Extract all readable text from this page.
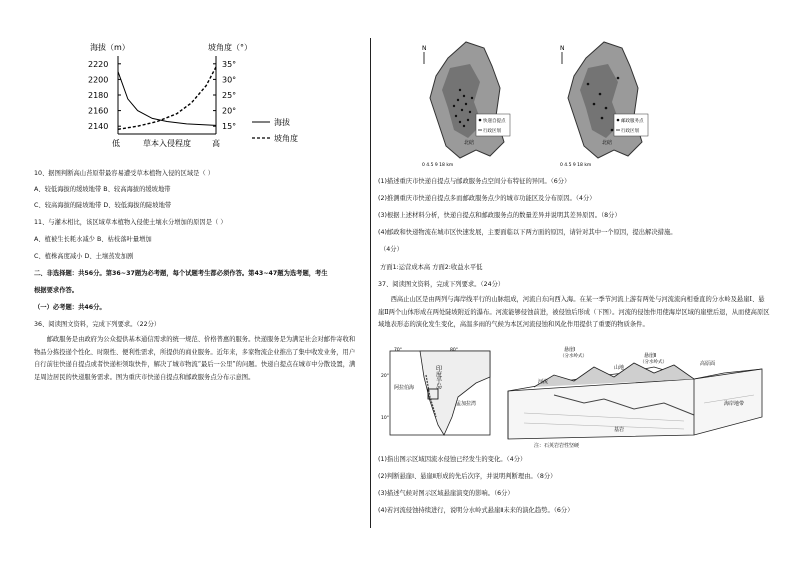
海拔（m）	坡角度（°）
2220
2200
2180
2160
2140
35°
30°
25°
20°
15°
草本入侵程度
低	高
海拔
坡角度
10、据图判断高山苔原带最容易遭受草本植物入侵的区域是（ ）
A、较低海拔的缓坡地带 B、较高海拔的缓坡地带
C、较高海拔的陡坡地带 D、较低海拔的陡坡地带
11、与灌木相比，该区域草本植物入侵使土壤水分增加的原因是（ ）
A、植被生长耗水减少 B、枯枝落叶量增加
C、植株高度减小 D、土壤蒸发加剧
二、非选择题：共56分。第36~37题为必考题，每个试题考生都必须作答。第43~47题为选考题，考生
根据要求作答。
（一）必考题：共46分。
36、阅读图文资料，完成下列要求。（22分）
　　邮政服务是由政府为公众提供基本通信需求的统一规范、价格普惠的服务。快递服务是为满足社会对邮件寄收和物品分拣投递个性化、时限性、便利性需求，所提供的商业服务。近年来，多家物流企业推出了集中收发业务，用户自行前往快递自提点或者快递柜领取快件，解决了城市物流“最后一公里”的问题。快递自提点在城市中分散设置，满足周边居民的快递服务需求。图为重庆市快递自提点和邮政服务点分布示意图。
N
北碚
快递自提点
行政区划
0 4.5 9 18 km
N
北碚
邮政服务点
行政区划
0 4.5 9 18 km
(1)描述重庆市快递自提点与邮政服务点空间分布特征的异同。（6分）
(2)推测重庆市快递自提点多而邮政服务点少的城市功能区及分布原因。（4分）
(3)根据上述材料分析，快递自提点和邮政服务点的数量差异并说明其差异原因。（8分）
(4)邮政和快递物流在城市区快速发展，主要面临以下两方面的原因，请针对其中一个原因，提出解决措施。
（4分）
方面1:运营成本高 方面2:收益水平低
37、阅读图文资料，完成下列要求。（24分）
　　西高止山区是由两列与海岸线平行的山脉组成，河流自东向西入海。在某一季节河流上游有两处与河流流向相垂直的分水岭及悬崖Ⅰ、悬崖Ⅱ两个山体形成在两处陡坡附近的瀑布。河流能够侵蚀前进，被侵蚀后形成（下图）。河流的侵蚀作用使海岸区域的崖壁后退，从而使高原区域地表形态的演化发生变化，高温多雨的气候为本区河流侵蚀和风化作用提供了重要的物质条件。
印度半岛
阿拉伯海
孟加拉湾
70°	80°
20°
10°
悬崖Ⅰ
（分水岭式）	悬崖Ⅱ
（分水岭式）
山地
高原面
河流
海岸地带
基岩
注：石英岩岩性坚硬
(1)指出图示区域因流水侵蚀已经发生的变化。（4分）
(2)判断悬崖Ⅰ、悬崖Ⅱ形成的先后次序，并说明判断理由。（8分）
(3)描述气候对图示区域悬崖演变的影响。（6分）
(4)若河流侵蚀持续进行，说明分水岭式悬崖Ⅱ未来的演化趋势。（6分）
